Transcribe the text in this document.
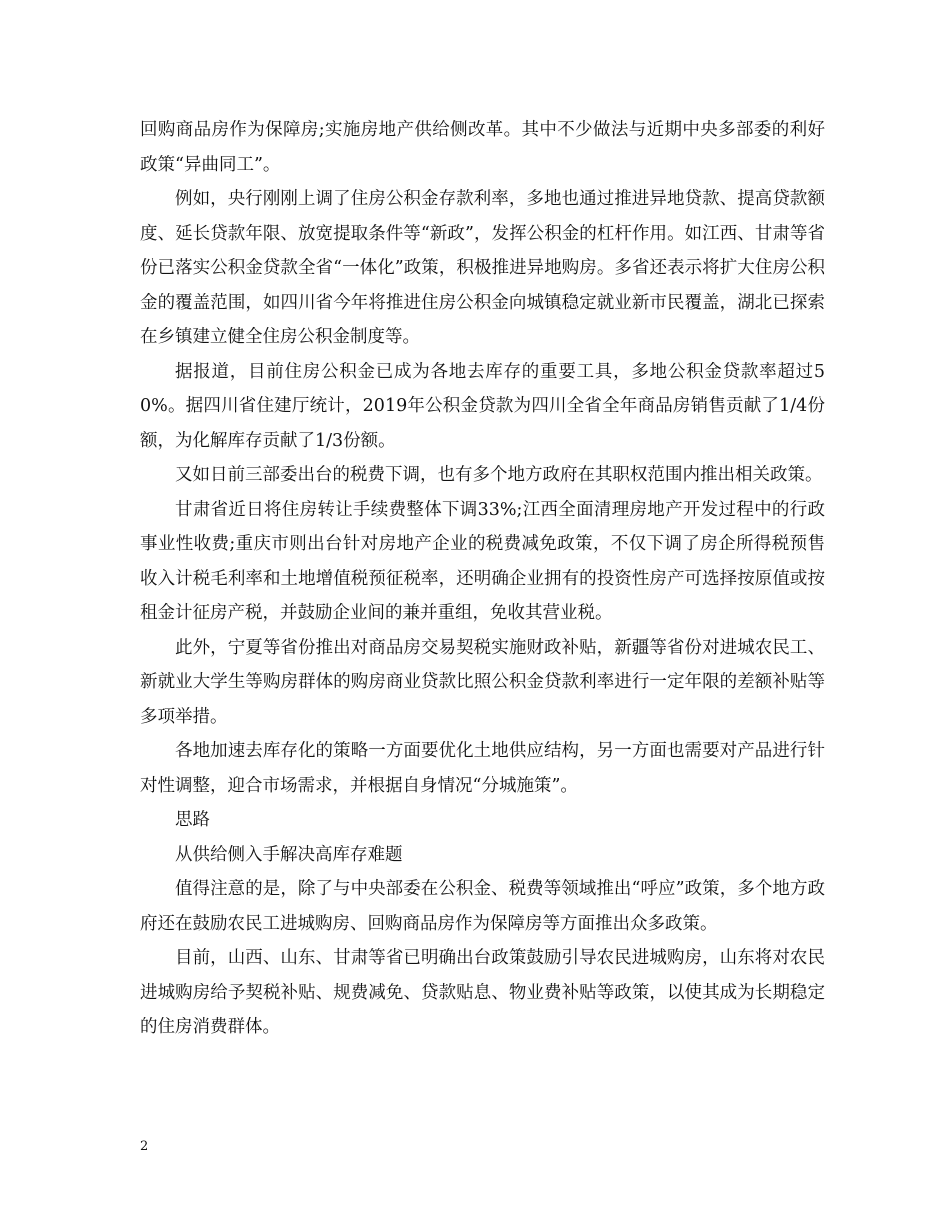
回购商品房作为保障房;实施房地产供给侧改革。其中不少做法与近期中央多部委的利好政策“异曲同工”。

例如，央行刚刚上调了住房公积金存款利率，多地也通过推进异地贷款、提高贷款额度、延长贷款年限、放宽提取条件等“新政”，发挥公积金的杠杆作用。如江西、甘肃等省份已落实公积金贷款全省“一体化”政策，积极推进异地购房。多省还表示将扩大住房公积金的覆盖范围，如四川省今年将推进住房公积金向城镇稳定就业新市民覆盖，湖北已探索在乡镇建立健全住房公积金制度等。

据报道，目前住房公积金已成为各地去库存的重要工具，多地公积金贷款率超过50%。据四川省住建厅统计，2019年公积金贷款为四川全省全年商品房销售贡献了1/4份额，为化解库存贡献了1/3份额。

又如日前三部委出台的税费下调，也有多个地方政府在其职权范围内推出相关政策。

甘肃省近日将住房转让手续费整体下调33%;江西全面清理房地产开发过程中的行政事业性收费;重庆市则出台针对房地产企业的税费减免政策，不仅下调了房企所得税预售收入计税毛利率和土地增值税预征税率，还明确企业拥有的投资性房产可选择按原值或按租金计征房产税，并鼓励企业间的兼并重组，免收其营业税。

此外，宁夏等省份推出对商品房交易契税实施财政补贴，新疆等省份对进城农民工、新就业大学生等购房群体的购房商业贷款比照公积金贷款利率进行一定年限的差额补贴等多项举措。

各地加速去库存化的策略一方面要优化土地供应结构，另一方面也需要对产品进行针对性调整，迎合市场需求，并根据自身情况“分城施策”。

思路

从供给侧入手解决高库存难题

值得注意的是，除了与中央部委在公积金、税费等领域推出“呼应”政策，多个地方政府还在鼓励农民工进城购房、回购商品房作为保障房等方面推出众多政策。

目前，山西、山东、甘肃等省已明确出台政策鼓励引导农民进城购房，山东将对农民进城购房给予契税补贴、规费减免、贷款贴息、物业费补贴等政策，以使其成为长期稳定的住房消费群体。

2
